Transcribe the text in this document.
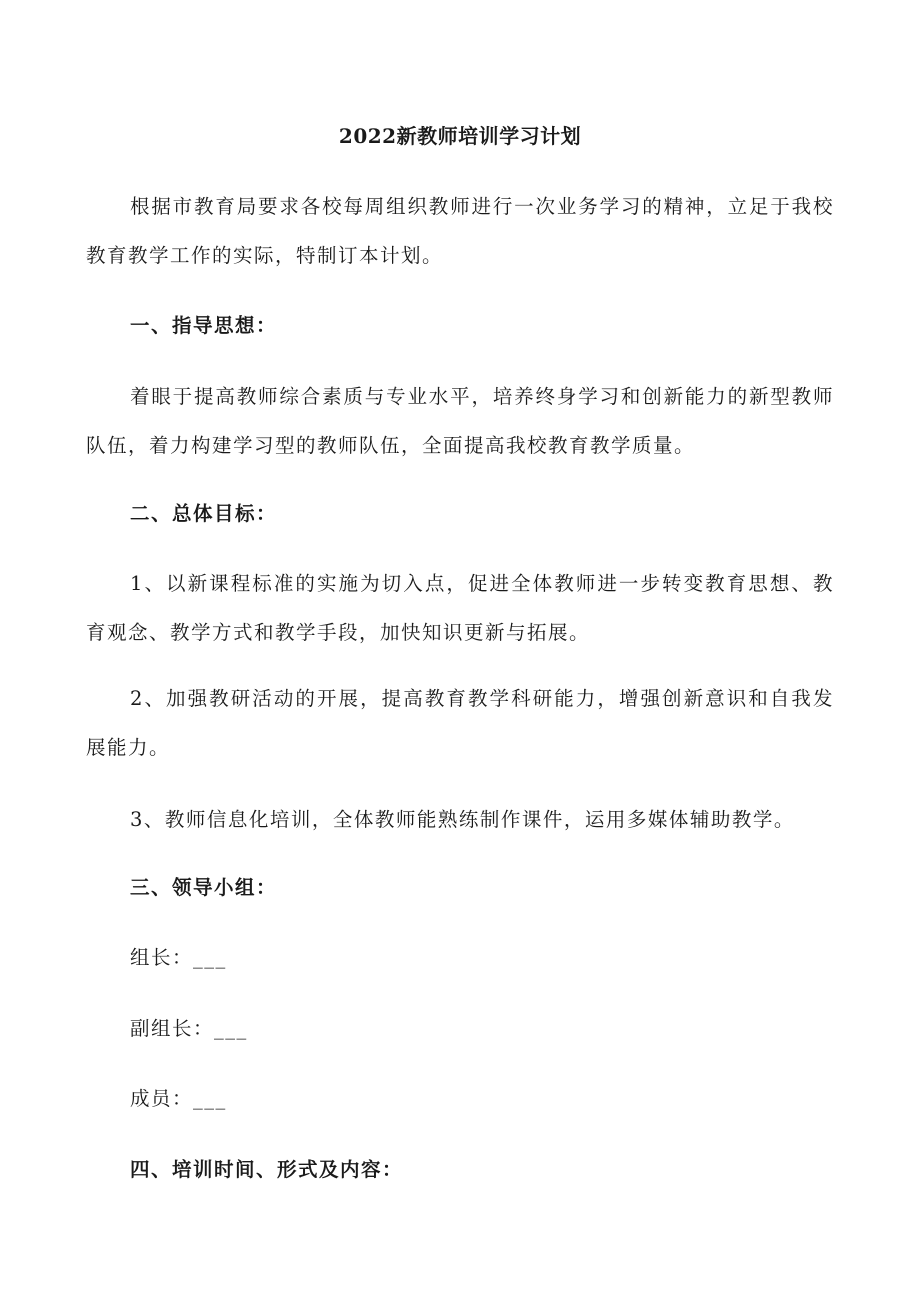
2022新教师培训学习计划

根据市教育局要求各校每周组织教师进行一次业务学习的精神，立足于我校教育教学工作的实际，特制订本计划。

一、指导思想：

着眼于提高教师综合素质与专业水平，培养终身学习和创新能力的新型教师队伍，着力构建学习型的教师队伍，全面提高我校教育教学质量。

二、总体目标：

1、以新课程标准的实施为切入点，促进全体教师进一步转变教育思想、教育观念、教学方式和教学手段，加快知识更新与拓展。

2、加强教研活动的开展，提高教育教学科研能力，增强创新意识和自我发展能力。

3、教师信息化培训，全体教师能熟练制作课件，运用多媒体辅助教学。

三、领导小组：

组长：___

副组长：___

成员：___

四、培训时间、形式及内容：
